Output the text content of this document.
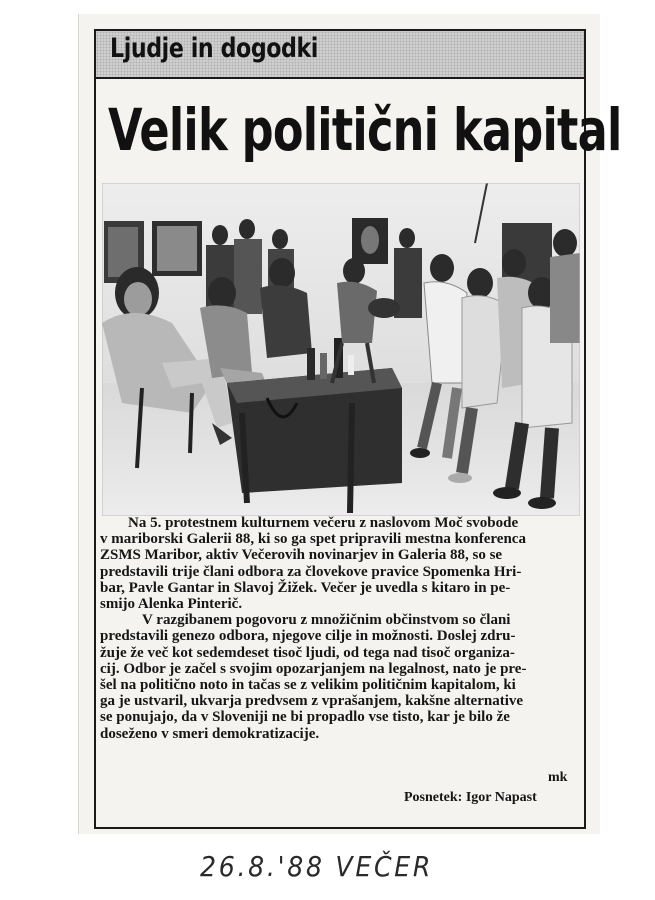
Ljudje in dogodki
Velik politični kapital

Na 5. protestnem kulturnem večeru z naslovom Moč svobode
v mariborski Galerii 88, ki so ga spet pripravili mestna konferenca
ZSMS Maribor, aktiv Večerovih novinarjev in Galeria 88, so se
predstavili trije člani odbora za človekove pravice Spomenka Hri-
bar, Pavle Gantar in Slavoj Žižek. Večer je uvedla s kitaro in pe-
smijo Alenka Pinterič.

V razgibanem pogovoru z množičnim občinstvom so člani
predstavili genezo odbora, njegove cilje in možnosti. Doslej zdru-
žuje že več kot sedemdeset tisoč ljudi, od tega nad tisoč organiza-
cij. Odbor je začel s svojim opozarjanjem na legalnost, nato je pre-
šel na politično noto in tačas se z velikim političnim kapitalom, ki
ga je ustvaril, ukvarja predvsem z vprašanjem, kakšne alternative
se ponujajo, da v Sloveniji ne bi propadlo vse tisto, kar je bilo že
doseženo v smeri demokratizacije.

mk
Posnetek: Igor Napast
26.8.'88 VEČER
